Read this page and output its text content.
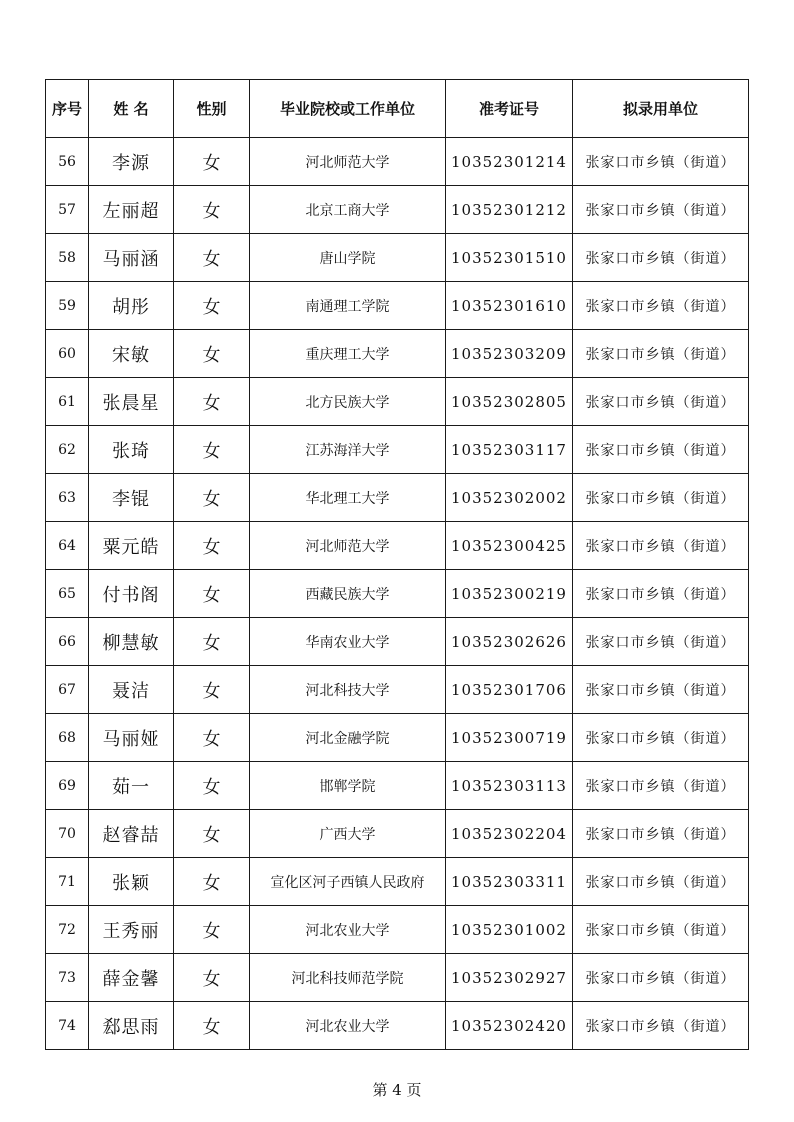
序号	姓 名	性别	毕业院校或工作单位	准考证号	拟录用单位
56	李源	女	河北师范大学	10352301214	张家口市乡镇（街道）
57	左丽超	女	北京工商大学	10352301212	张家口市乡镇（街道）
58	马丽涵	女	唐山学院	10352301510	张家口市乡镇（街道）
59	胡彤	女	南通理工学院	10352301610	张家口市乡镇（街道）
60	宋敏	女	重庆理工大学	10352303209	张家口市乡镇（街道）
61	张晨星	女	北方民族大学	10352302805	张家口市乡镇（街道）
62	张琦	女	江苏海洋大学	10352303117	张家口市乡镇（街道）
63	李锟	女	华北理工大学	10352302002	张家口市乡镇（街道）
64	粟元皓	女	河北师范大学	10352300425	张家口市乡镇（街道）
65	付书阁	女	西藏民族大学	10352300219	张家口市乡镇（街道）
66	柳慧敏	女	华南农业大学	10352302626	张家口市乡镇（街道）
67	聂洁	女	河北科技大学	10352301706	张家口市乡镇（街道）
68	马丽娅	女	河北金融学院	10352300719	张家口市乡镇（街道）
69	茹一	女	邯郸学院	10352303113	张家口市乡镇（街道）
70	赵睿喆	女	广西大学	10352302204	张家口市乡镇（街道）
71	张颖	女	宣化区河子西镇人民政府	10352303311	张家口市乡镇（街道）
72	王秀丽	女	河北农业大学	10352301002	张家口市乡镇（街道）
73	薛金馨	女	河北科技师范学院	10352302927	张家口市乡镇（街道）
74	郄思雨	女	河北农业大学	10352302420	张家口市乡镇（街道）
第 4 页
